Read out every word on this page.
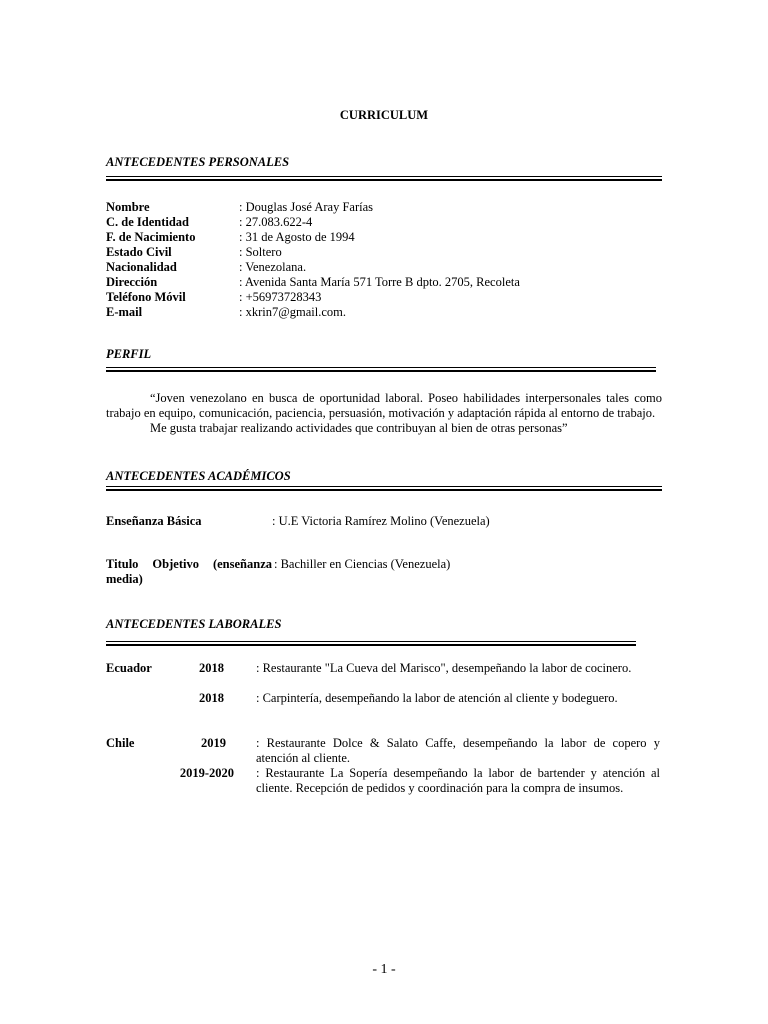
CURRICULUM
ANTECEDENTES PERSONALES
Nombre	: Douglas José Aray Farías
C. de Identidad	: 27.083.622-4
F. de Nacimiento	: 31 de Agosto de 1994
Estado Civil	: Soltero
Nacionalidad	: Venezolana.
Dirección	: Avenida Santa María 571 Torre B dpto. 2705, Recoleta
Teléfono Móvil	: +56973728343
E-mail	: xkrin7@gmail.com.
PERFIL

“Joven venezolano en busca de oportunidad laboral. Poseo habilidades interpersonales tales como trabajo en equipo, comunicación, paciencia, persuasión, motivación y adaptación rápida al entorno de trabajo.

Me gusta trabajar realizando actividades que contribuyan al bien de otras personas”

ANTECEDENTES ACADÉMICOS
Enseñanza Básica	: U.E Victoria Ramírez Molino (Venezuela)
Titulo Objetivo (enseñanza media)
: Bachiller en Ciencias (Venezuela)
ANTECEDENTES LABORALES
Ecuador	2018	: Restaurante "La Cueva del Marisco", desempeñando la labor de cocinero.
2018	: Carpintería, desempeñando la labor de atención al cliente y bodeguero.
Chile	2019 : Restaurante Dolce & Salato Caffe, desempeñando la labor de copero y atención al cliente.
2019-2020 : Restaurante La Sopería desempeñando la labor de bartender y atención al cliente. Recepción de pedidos y coordinación para la compra de insumos.
- 1 -
